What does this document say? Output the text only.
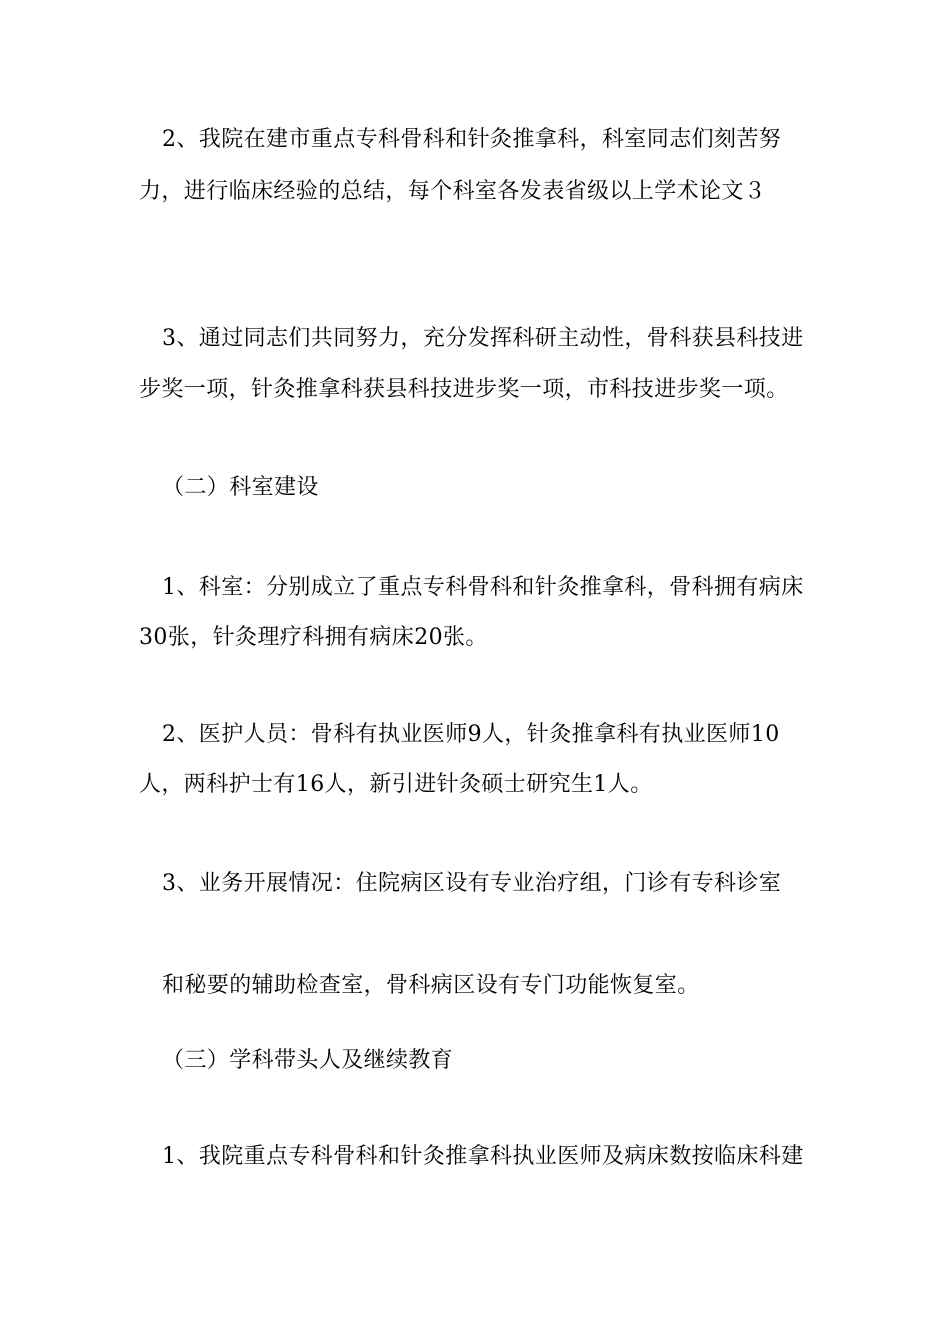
2、我院在建市重点专科骨科和针灸推拿科，科室同志们刻苦努
力，进行临床经验的总结，每个科室各发表省级以上学术论文３
3、通过同志们共同努力，充分发挥科研主动性，骨科获县科技进
步奖一项，针灸推拿科获县科技进步奖一项，市科技进步奖一项。
（二）科室建设
1、科室：分别成立了重点专科骨科和针灸推拿科，骨科拥有病床
30张，针灸理疗科拥有病床20张。
2、医护人员：骨科有执业医师9人，针灸推拿科有执业医师10
人，两科护士有16人，新引进针灸硕士研究生1人。
3、业务开展情况：住院病区设有专业治疗组，门诊有专科诊室
和秘要的辅助检查室，骨科病区设有专门功能恢复室。
（三）学科带头人及继续教育
1、我院重点专科骨科和针灸推拿科执业医师及病床数按临床科建
